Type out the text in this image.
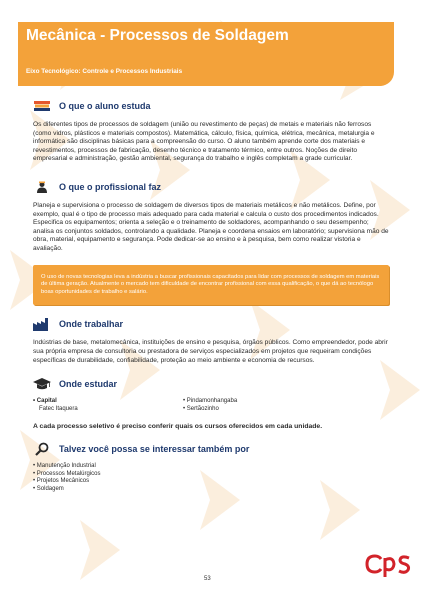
Mecânica - Processos de Soldagem
Eixo Tecnológico: Controle e Processos Industriais
O que o aluno estuda

Os diferentes tipos de processos de soldagem (união ou revestimento de peças) de metais e materiais não ferrosos (como vidros, plásticos e materiais compostos). Matemática, cálculo, física, química, elétrica, mecânica, metalurgia e informática são disciplinas básicas para a compreensão do curso. O aluno também aprende corte dos materiais e revestimentos, processos de fabricação, desenho técnico e tratamento térmico, entre outros. Noções de direito empresarial e administração, gestão ambiental, segurança do trabalho e inglês completam a grade curricular.

O que o profissional faz

Planeja e supervisiona o processo de soldagem de diversos tipos de materiais metálicos e não metálicos. Define, por exemplo, qual é o tipo de processo mais adequado para cada material e calcula o custo dos procedimentos indicados. Especifica os equipamentos; orienta a seleção e o treinamento de soldadores, acompanhando o seu desempenho; analisa os conjuntos soldados, controlando a qualidade. Planeja e coordena ensaios em laboratório; supervisiona mão de obra, material, equipamento e segurança. Pode dedicar-se ao ensino e à pesquisa, bem como realizar vistoria e avaliação.

O uso de novas tecnologias leva a indústria a buscar profissionais capacitados para lidar com processos de soldagem em materiais de última geração. Atualmente o mercado tem dificuldade de encontrar profissional com essa qualificação, o que dá ao tecnólogo boas oportunidades de trabalho e salário.
Onde trabalhar

Indústrias de base, metalomecânica, instituições de ensino e pesquisa, órgãos públicos. Como empreendedor, pode abrir sua própria empresa de consultoria ou prestadora de serviços especializados em projetos que requeiram condições específicas de durabilidade, confiabilidade, proteção ao meio ambiente e economia de recursos.

Onde estudar
• Capital
Fatec Itaquera
• Pindamonhangaba
• Sertãozinho
A cada processo seletivo é preciso conferir quais os cursos oferecidos em cada unidade.
Talvez você possa se interessar também por
• Manutenção Industrial
• Processos Metalúrgicos
• Projetos Mecânicos
• Soldagem
53
